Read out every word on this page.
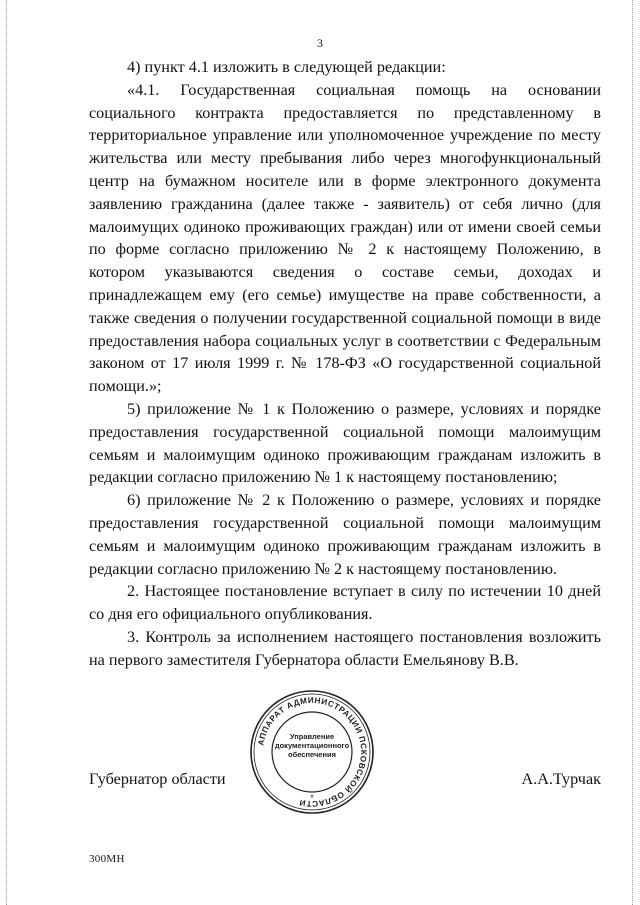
3

4) пункт 4.1 изложить в следующей редакции:

«4.1. Государственная социальная помощь на основании социального контракта предоставляется по представленному в территориальное управление или уполномоченное учреждение по месту жительства или месту пребывания либо через многофункциональный центр на бумажном носителе или в форме электронного документа заявлению гражданина (далее также - заявитель) от себя лично (для малоимущих одиноко проживающих граждан) или от имени своей семьи по форме согласно приложению № 2 к настоящему Положению, в котором указываются сведения о составе семьи, доходах и принадлежащем ему (его семье) имуществе на праве собственности, а также сведения о получении государственной социальной помощи в виде предоставления набора социальных услуг в соответствии с Федеральным законом от 17 июля 1999 г. № 178-ФЗ «О государственной социальной помощи.»;

5) приложение № 1 к Положению о размере, условиях и порядке предоставления государственной социальной помощи малоимущим семьям и малоимущим одиноко проживающим гражданам изложить в редакции согласно приложению № 1 к настоящему постановлению;

6) приложение № 2 к Положению о размере, условиях и порядке предоставления государственной социальной помощи малоимущим семьям и малоимущим одиноко проживающим гражданам изложить в редакции согласно приложению № 2 к настоящему постановлению.

2. Настоящее постановление вступает в силу по истечении 10 дней со дня его официального опубликования.

3. Контроль за исполнением настоящего постановления возложить на первого заместителя Губернатора области Емельянову В.В.

АППАРАТ АДМИНИСТРАЦИИ ПСКОВСКОЙ ОБЛАСТИ *
Управление
документационного
обеспечения
Губернатор области	А.А.Турчак
300МН
